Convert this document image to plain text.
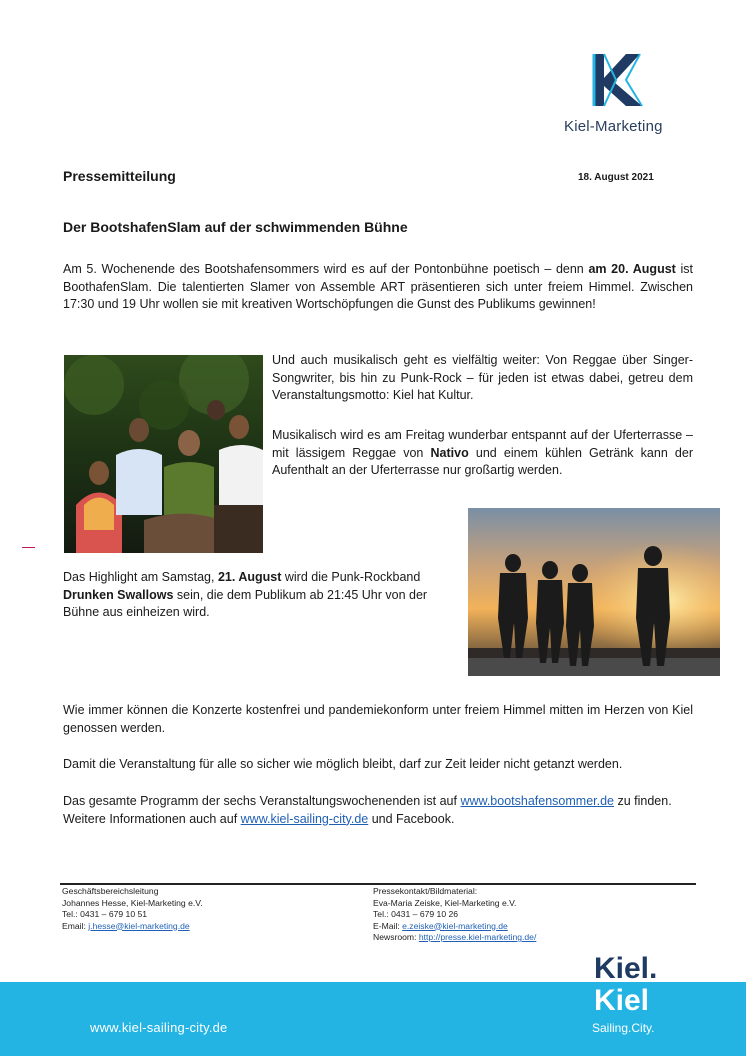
Kiel-Marketing
Pressemitteilung	18. August 2021
Der BootshafenSlam auf der schwimmenden Bühne
Am 5. Wochenende des Bootshafensommers wird es auf der Pontonbühne poetisch – denn am 20. August ist BoothafenSlam. Die talentierten Slamer von Assemble ART präsentieren sich unter freiem Himmel. Zwischen 17:30 und 19 Uhr wollen sie mit kreativen Wortschöpfungen die Gunst des Publikums gewinnen!
Und auch musikalisch geht es vielfältig weiter: Von Reggae über Singer-Songwriter, bis hin zu Punk-Rock – für jeden ist etwas dabei, getreu dem Veranstaltungsmotto: Kiel hat Kultur.
Musikalisch wird es am Freitag wunderbar entspannt auf der Uferterrasse – mit lässigem Reggae von Nativo und einem kühlen Getränk kann der Aufenthalt an der Uferterrasse nur großartig werden.
Das Highlight am Samstag, 21. August wird die Punk-Rockband Drunken Swallows sein, die dem Publikum ab 21:45 Uhr von der Bühne aus einheizen wird.
Wie immer können die Konzerte kostenfrei und pandemiekonform unter freiem Himmel mitten im Herzen von Kiel genossen werden.
Damit die Veranstaltung für alle so sicher wie möglich bleibt, darf zur Zeit leider nicht getanzt werden.
Das gesamte Programm der sechs Veranstaltungswochenenden ist auf www.bootshafensommer.de zu finden. Weitere Informationen auch auf www.kiel-sailing-city.de und Facebook.
Geschäftsbereichsleitung
Johannes Hesse, Kiel-Marketing e.V.
Tel.: 0431 – 679 10 51
Email: j.hesse@kiel-marketing.de
Pressekontakt/Bildmaterial:
Eva-Maria Zeiske, Kiel-Marketing e.V.
Tel.: 0431 – 679 10 26
E-Mail: e.zeiske@kiel-marketing.de
Newsroom: http://presse.kiel-marketing.de/
www.kiel-sailing-city.de
Kiel.
Kiel
Sailing.City.
